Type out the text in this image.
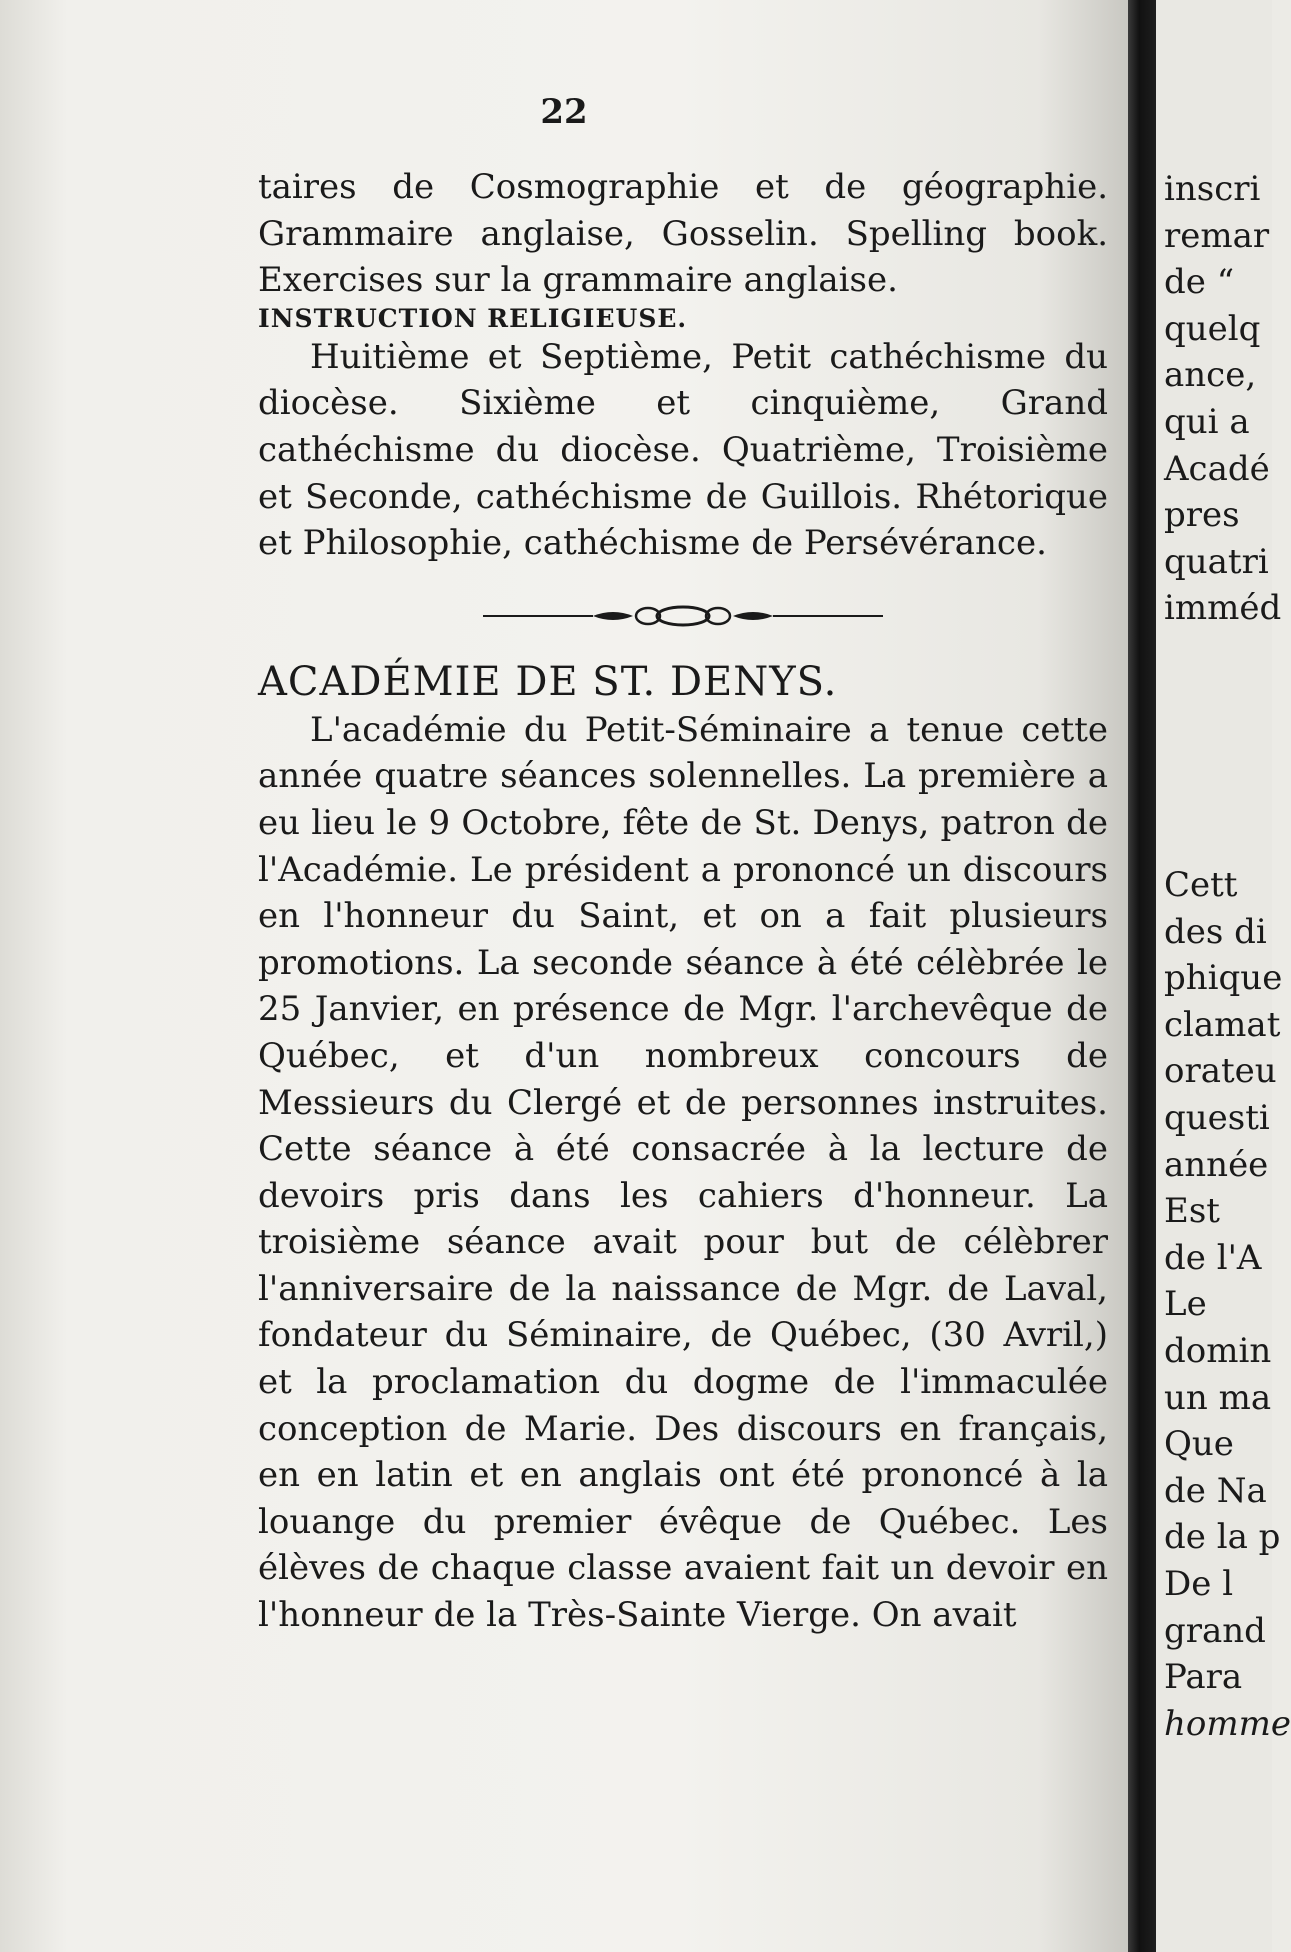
22

taires de Cosmographie et de géographie. Grammaire anglaise, Gosselin. Spelling book. Exercises sur la grammaire anglaise.

INSTRUCTION RELIGIEUSE.

Huitième et Septième, Petit cathéchisme du diocèse. Sixième et cinquième, Grand cathéchisme du diocèse. Quatrième, Troisième et Seconde, cathéchisme de Guillois. Rhétorique et Philosophie, cathéchisme de Persévérance.

ACADÉMIE DE ST. DENYS.

L'académie du Petit-Séminaire a tenue cette année quatre séances solennelles. La première a eu lieu le 9 Octobre, fête de St. Denys, patron de l'Académie. Le président a prononcé un discours en l'honneur du Saint, et on a fait plusieurs promotions. La seconde séance à été célèbrée le 25 Janvier, en présence de Mgr. l'archevêque de Québec, et d'un nombreux concours de Messieurs du Clergé et de personnes instruites. Cette séance à été consacrée à la lecture de devoirs pris dans les cahiers d'honneur. La troisième séance avait pour but de célèbrer l'anniversaire de la naissance de Mgr. de Laval, fondateur du Séminaire, de Québec, (30 Avril,) et la proclamation du dogme de l'immaculée conception de Marie. Des discours en français, en en latin et en anglais ont été prononcé à la louange du premier évêque de Québec. Les élèves de chaque classe avaient fait un devoir en l'honneur de la Très-Sainte Vierge. On avait

inscri
remar
de “
quelq
ance,
qui a
Acadé
pres
quatri
imméd
Cett
des di
phique
clamat
orateu
questi
année
Est
de l'A
Le
domin
un ma
Que
de Na
de la p
De l
grand
Para
homme
